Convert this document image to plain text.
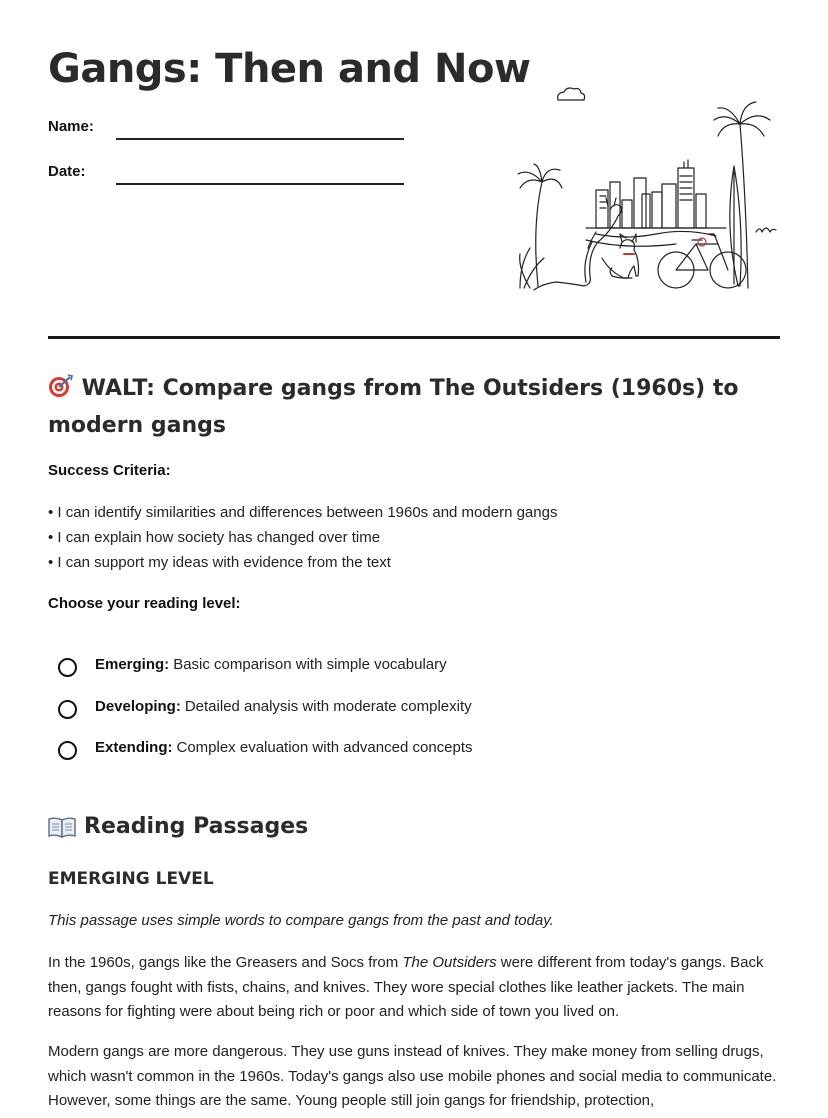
Gangs: Then and Now
Name:
Date:
WALT: Compare gangs from The Outsiders (1960s) to modern gangs
Success Criteria:
• I can identify similarities and differences between 1960s and modern gangs
• I can explain how society has changed over time
• I can support my ideas with evidence from the text
Choose your reading level:
Emerging: Basic comparison with simple vocabulary
Developing: Detailed analysis with moderate complexity
Extending: Complex evaluation with advanced concepts
Reading Passages
EMERGING LEVEL

This passage uses simple words to compare gangs from the past and today.

In the 1960s, gangs like the Greasers and Socs from The Outsiders were different from today's gangs. Back then, gangs fought with fists, chains, and knives. They wore special clothes like leather jackets. The main reasons for fighting were about being rich or poor and which side of town you lived on.

Modern gangs are more dangerous. They use guns instead of knives. They make money from selling drugs, which wasn't common in the 1960s. Today's gangs also use mobile phones and social media to communicate. However, some things are the same. Young people still join gangs for friendship, protection,
